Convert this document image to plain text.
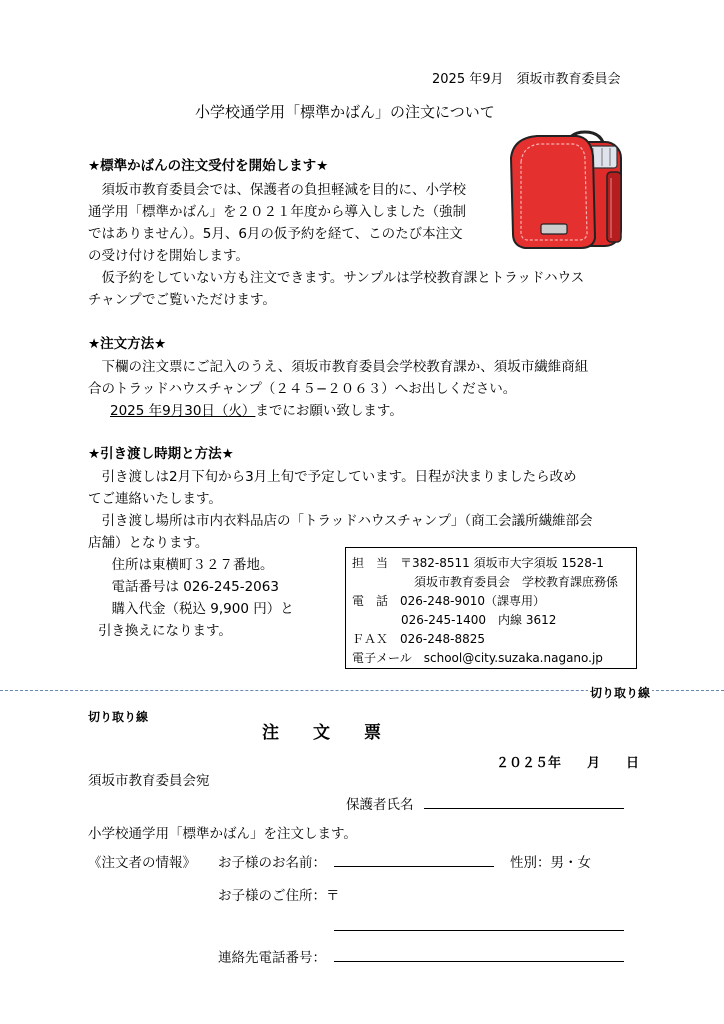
2025 年9月　須坂市教育委員会
小学校通学用「標準かばん」の注文について
★標準かばんの注文受付を開始します★
　須坂市教育委員会では、保護者の負担軽減を目的に、小学校
通学用「標準かばん」を２０２１年度から導入しました（強制
ではありません）。5月、6月の仮予約を経て、このたび本注文
の受け付けを開始します。
　仮予約をしていない方も注文できます。サンプルは学校教育課とトラッドハウス
チャンプでご覧いただけます。
★注文方法★
　下欄の注文票にご記入のうえ、須坂市教育委員会学校教育課か、須坂市繊維商組
合のトラッドハウスチャンプ（２４５−２０６３）へお出しください。
2025 年9月30日（火）までにお願い致します。
★引き渡し時期と方法★
　引き渡しは2月下旬から3月上旬で予定しています。日程が決まりましたら改め
てご連絡いたします。
　引き渡し場所は市内衣料品店の「トラッドハウスチャンプ」（商工会議所繊維部会
店舗）となります。
　住所は東横町３２７番地。
　電話番号は 026-245-2063
　購入代金（税込 9,900 円）と
引き換えになります。
担　当　〒382-8511 須坂市大字須坂 1528-1
須坂市教育委員会　学校教育課庶務係
電　話　026-248-9010（課専用）
026-245-1400　内線 3612
ＦＡＸ　026-248-8825
電子メール　school@city.suzaka.nagano.jp
切り取り線
切り取り線
注　　文　　票
２０２５年　　月　　日
須坂市教育委員会宛
保護者氏名
小学校通学用「標準かばん」を注文します。
《注文者の情報》 お子様のお名前：	性別：男・女
お子様のご住所：〒
連絡先電話番号：
